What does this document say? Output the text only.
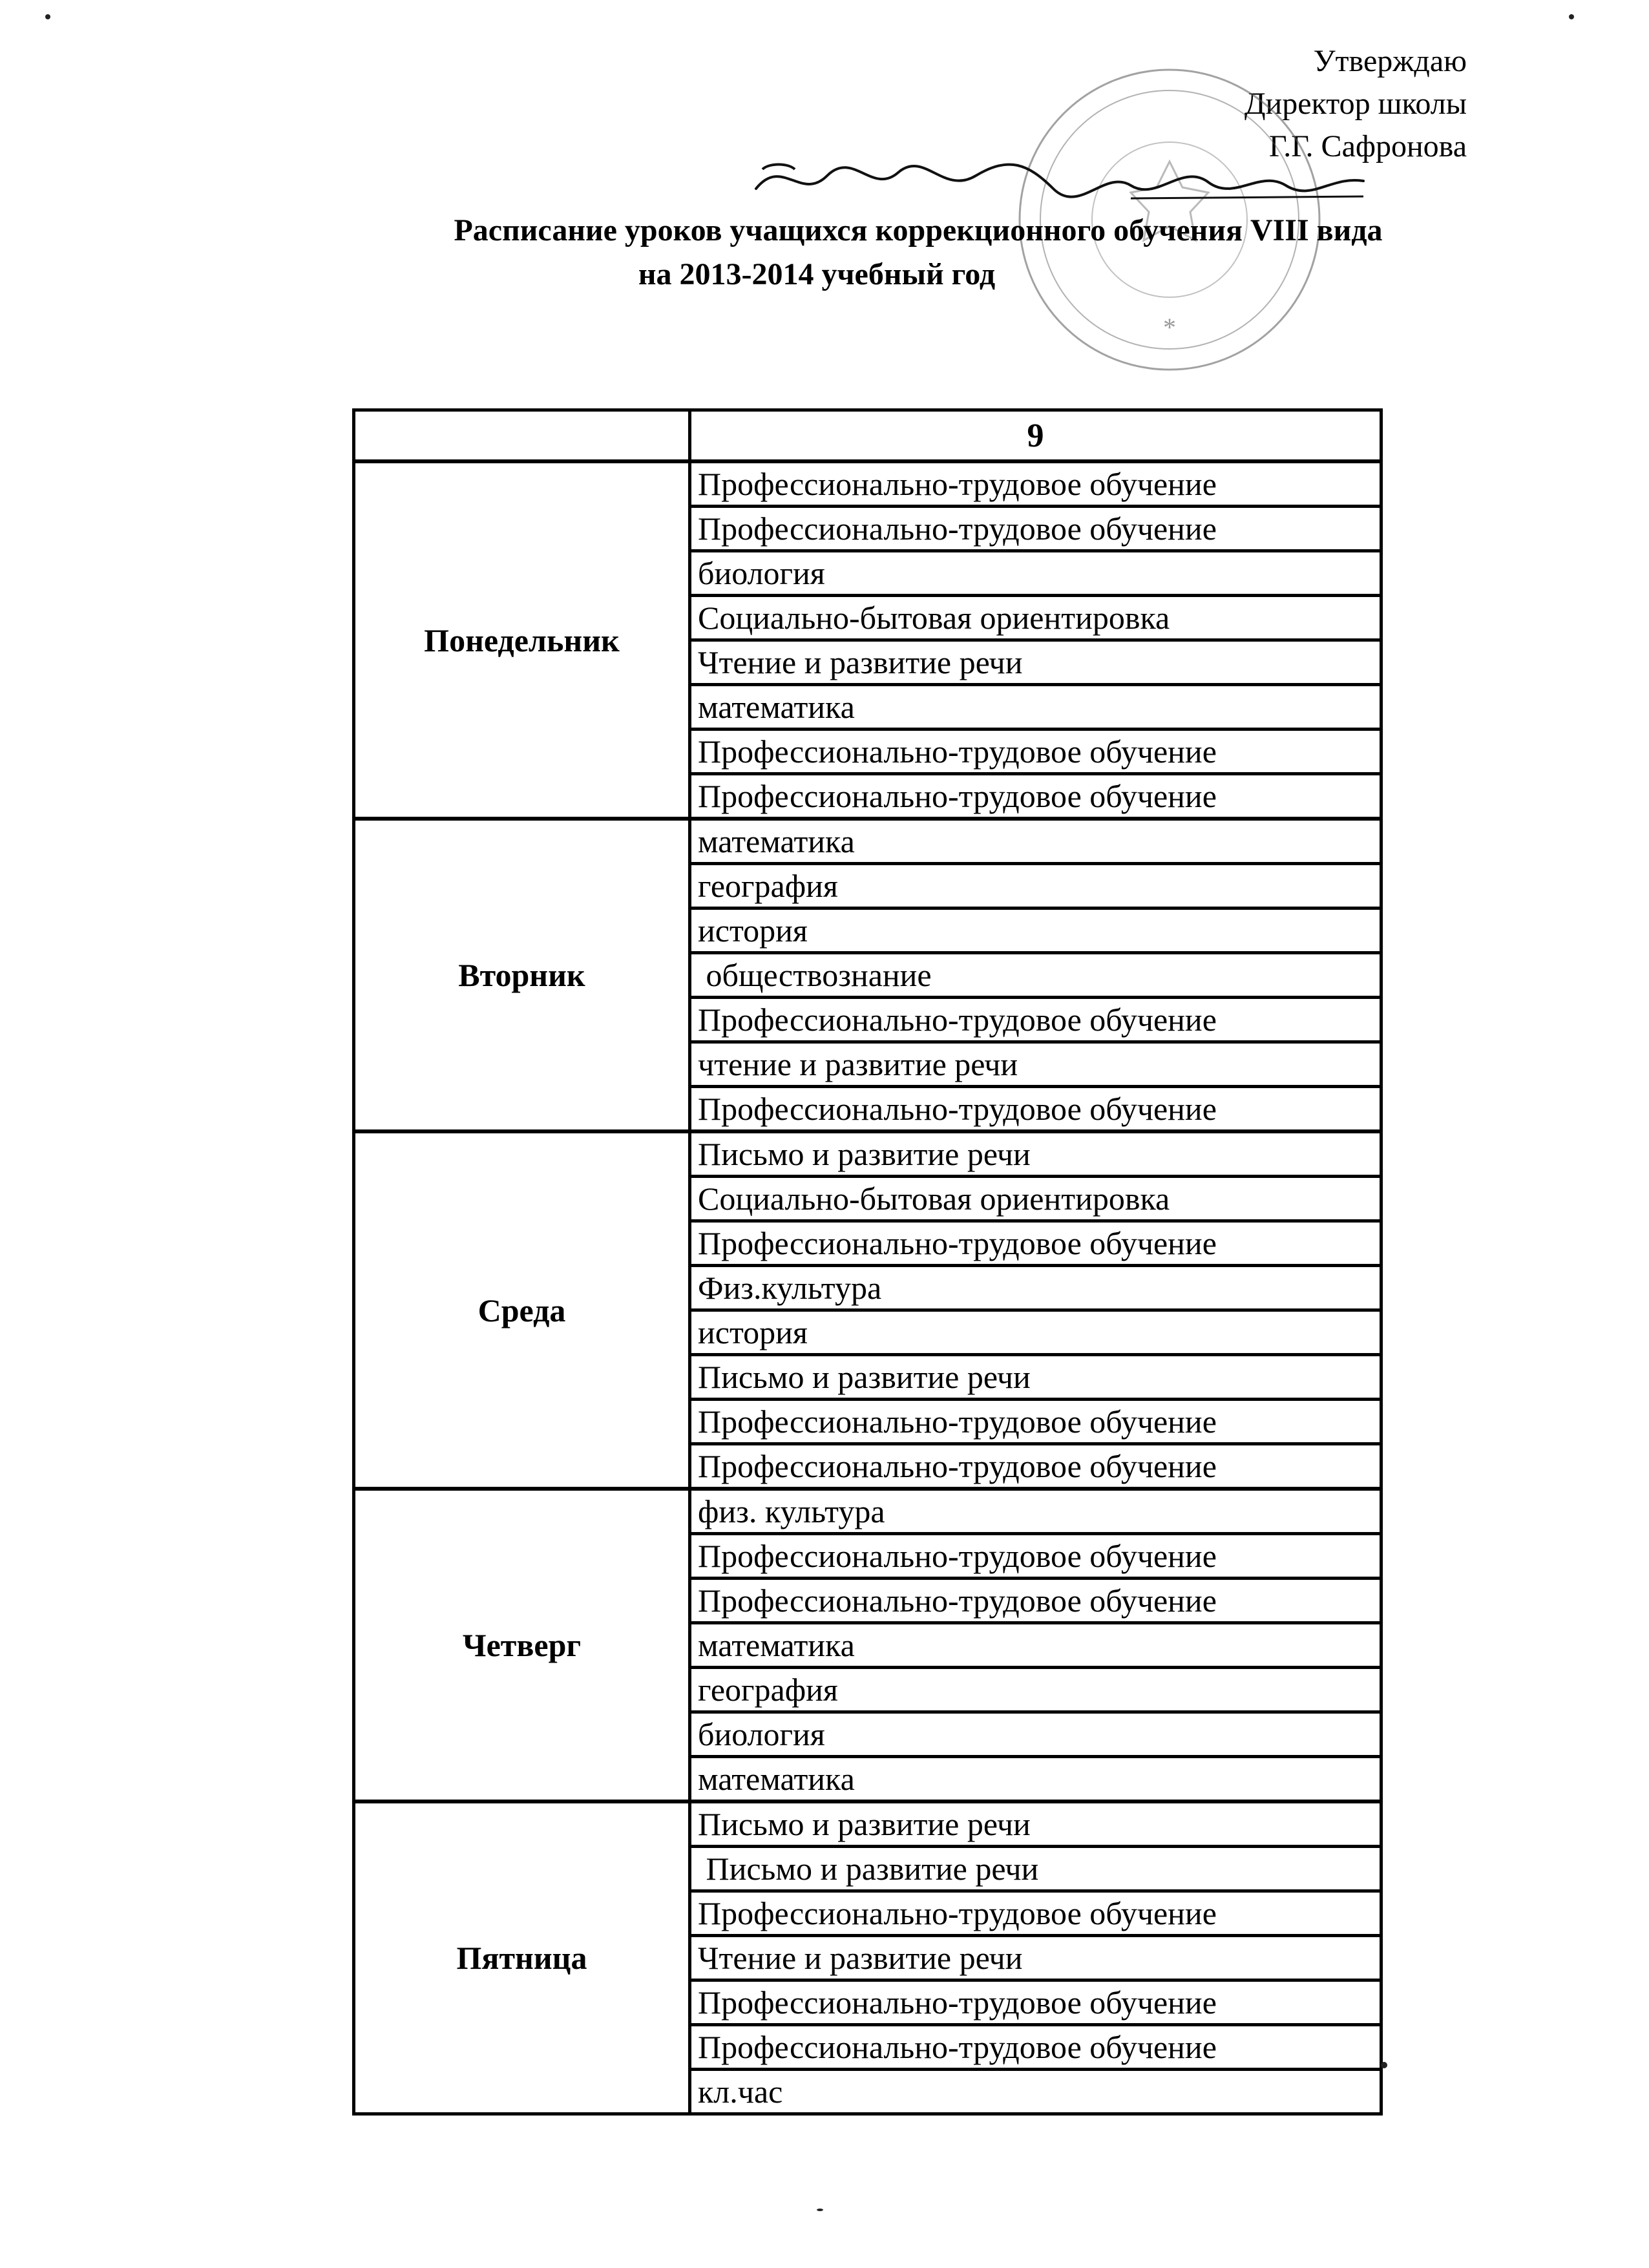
Утверждаю
Директор школы
Г.Г. Сафронова
*
Расписание уроков учащихся коррекционного обучения VIII вида
на 2013-2014 учебный год
	9
Понедельник	Профессионально-трудовое обучение
	Профессионально-трудовое обучение
	биология
	Социально-бытовая ориентировка
	Чтение и развитие речи
	математика
	Профессионально-трудовое обучение
	Профессионально-трудовое обучение
Вторник	математика
	география
	история
	обществознание
	Профессионально-трудовое обучение
	чтение и развитие речи
	Профессионально-трудовое обучение
Среда	Письмо и развитие речи
	Социально-бытовая ориентировка
	Профессионально-трудовое обучение
	Физ.культура
	история
	Письмо и развитие речи
	Профессионально-трудовое обучение
	Профессионально-трудовое обучение
Четверг	физ. культура
	Профессионально-трудовое обучение
	Профессионально-трудовое обучение
	математика
	география
	биология
	математика
Пятница	Письмо и развитие речи
	Письмо и развитие речи
	Профессионально-трудовое обучение
	Чтение и развитие речи
	Профессионально-трудовое обучение
	Профессионально-трудовое обучение
	кл.час
